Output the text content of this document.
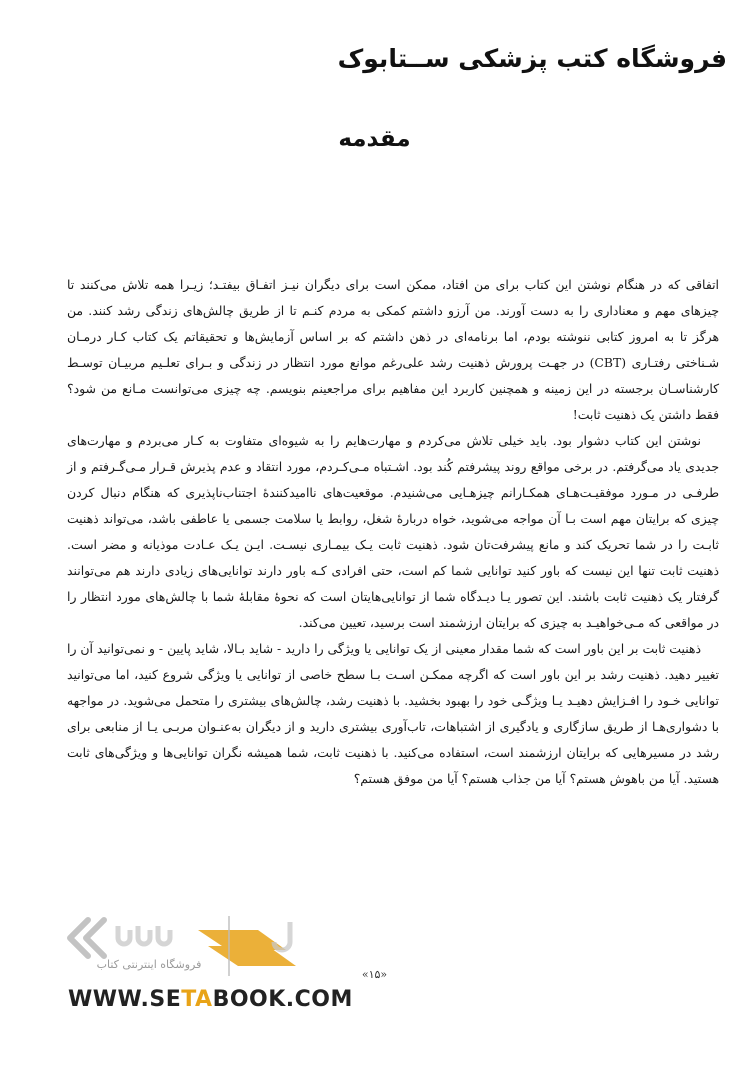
فروشگاه کتب پزشکی ســتابوک
مقدمه

اتفاقی که در هنگام نوشتن این کتاب برای من افتاد، ممکن است برای دیگران نیـز اتفـاق بیفتـد؛ زیـرا همه تلاش می‌کنند تا چیزهای مهم و معناداری را به دست آورند. من آرزو داشتم کمکی به مردم کنـم تا از طریق چالش‌های زندگی رشد کنند. من هرگز تا به امروز کتابی ننوشته بودم، اما برنامه‌ای در ذهن داشتم که بر اساس آزمایش‌ها و تحقیقاتم یک کتاب کـار درمـان شـناختی رفتـاری (CBT) در جهـت پرورش ذهنیت رشد علی‌رغم موانع مورد انتظار در زندگی و بـرای تعلـیم مربیـان توسـط کارشناسـان برجسته در این زمینه و همچنین کاربرد این مفاهیم برای مراجعینم بنویسم. چه چیزی می‌توانست مـانع من شود؟ فقط داشتن یک ذهنیت ثابت!

نوشتن این کتاب دشوار بود. باید خیلی تلاش می‌کردم و مهارت‌هایم را به شیوه‌ای متفاوت به کـار می‌بردم و مهارت‌های جدیدی یاد می‌گرفتم. در برخی مواقع روند پیشرفتم کُند بود. اشـتباه مـی‌کـردم، مورد انتقاد و عدم پذیرش قـرار مـی‌گـرفتم و از طرفـی در مـورد موفقیـت‌هـای همکـارانم چیزهـایی می‌شنیدم. موقعیت‌های ناامیدکنندهٔ اجتناب‌ناپذیری که هنگام دنبال کردن چیزی که برایتان مهم است بـا آن مواجه می‌شوید، خواه دربارهٔ شغل، روابط یا سلامت جسمی یا عاطفی باشد، می‌تواند ذهنیت ثابـت را در شما تحریک کند و مانع پیشرفت‌تان شود. ذهنیت ثابت یـک بیمـاری نیسـت. ایـن یـک عـادت موذیانه و مضر است. ذهنیت ثابت تنها این نیست که باور کنید توانایی شما کم است، حتی افرادی کـه باور دارند توانایی‌های زیادی دارند هم می‌توانند گرفتار یک ذهنیت ثابت باشند. این تصور یـا دیـدگاه شما از توانایی‌هایتان است که نحوهٔ مقابلهٔ شما با چالش‌های مورد انتظار را در مواقعی که مـی‌خواهیـد به چیزی که برایتان ارزشمند است برسید، تعیین می‌کند.

ذهنیت ثابت بر این باور است که شما مقدار معینی از یک توانایی یا ویژگی را دارید - شاید بـالا، شاید پایین - و نمی‌توانید آن را تغییر دهید. ذهنیت رشد بر این باور است که اگرچه ممکـن اسـت بـا سطح خاصی از توانایی یا ویژگی شروع کنید، اما می‌توانید توانایی خـود را افـزایش دهیـد یـا ویژگـی خود را بهبود بخشید. با ذهنیت رشد، چالش‌های بیشتری را متحمل می‌شوید. در مواجهه با دشواری‌هـا از طریق سازگاری و یادگیری از اشتباهات، تاب‌آوری بیشتری دارید و از دیگران به‌عنـوان مربـی یـا از منابعی برای رشد در مسیرهایی که برایتان ارزشمند است، استفاده می‌کنید. با ذهنیت ثابت، شما همیشه نگران توانایی‌ها و ویژگی‌های ثابت هستید. آیا من باهوش هستم؟ آیا من جذاب هستم؟ آیا من موفق هستم؟

فروشگاه اینترنتی کتاب
«۱۵»
WWW.SETABOOK.COM
